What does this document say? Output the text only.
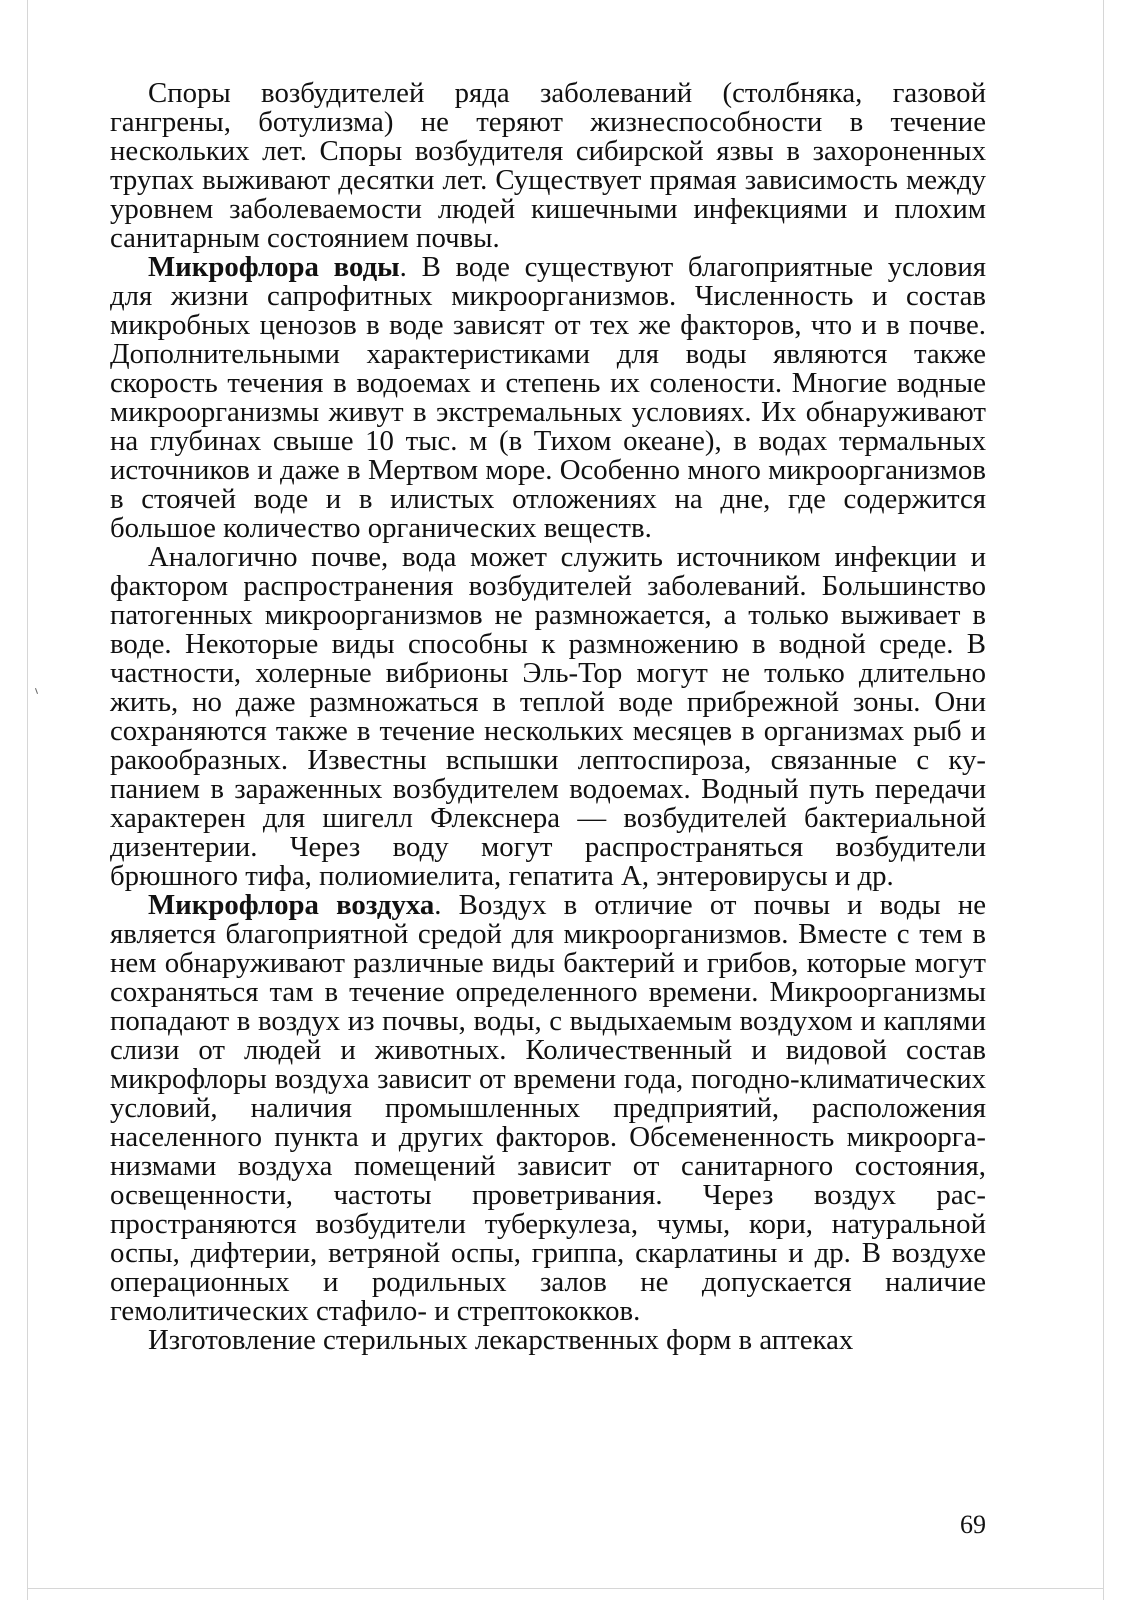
Споры возбудителей ряда заболеваний (столбняка, газовой гангрены, ботулизма) не теряют жизнеспособности в течение нескольких лет. Споры возбудителя сибирской язвы в захороненных трупах выживают десятки лет. Существует прямая зависимость между уровнем заболеваемости людей кишечными инфекциями и плохим санитарным состоянием почвы.

Микрофлора воды. В воде существуют благоприятные условия для жизни сапрофитных микроорганизмов. Численность и состав микробных ценозов в воде зависят от тех же факторов, что и в почве. Дополнительными характеристиками для воды являются также скорость течения в водоемах и степень их солености. Многие водные микроорганизмы живут в экстремальных условиях. Их обнаруживают на глубинах свыше 10 тыс. м (в Тихом океане), в водах термальных источников и даже в Мертвом море. Особенно много микроорганизмов в стоячей воде и в илистых отложениях на дне, где содержится большое количество органических веществ.

Аналогично почве, вода может служить источником инфекции и фактором распространения возбудителей заболеваний. Большинство патогенных микроорганизмов не размножается, а только выживает в воде. Некоторые виды способны к размножению в водной среде. В частности, холерные вибрионы Эль-Тор могут не только длительно жить, но даже размножаться в теплой воде прибрежной зоны. Они сохраняются также в течение нескольких месяцев в организмах рыб и ракообразных. Известны вспышки лептоспироза, связанные с купанием в зараженных возбудителем водоемах. Водный путь передачи характерен для шигелл Флекснера — возбудителей бактериальной дизентерии. Через воду могут распространяться возбудители брюшного тифа, полиомиелита, гепатита А, энтеровирусы и др.

Микрофлора воздуха. Воздух в отличие от почвы и воды не является благоприятной средой для микроорганизмов. Вместе с тем в нем обнаруживают различные виды бактерий и грибов, которые могут сохраняться там в течение определенного времени. Микроорганизмы попадают в воздух из почвы, воды, с выдыхаемым воздухом и каплями слизи от людей и животных. Количественный и видовой состав микрофлоры воздуха зависит от времени года, погодно-климатических условий, наличия промышленных предприятий, расположения населенного пункта и других факторов. Обсемененность микроорганизмами воздуха помещений зависит от санитарного состояния, освещенности, частоты проветривания. Через воздух распространяются возбудители туберкулеза, чумы, кори, натуральной оспы, дифтерии, ветряной оспы, гриппа, скарлатины и др. В воздухе операционных и родильных залов не допускается наличие гемолитических стафило- и стрептококков.

Изготовление стерильных лекарственных форм в аптеках

69
